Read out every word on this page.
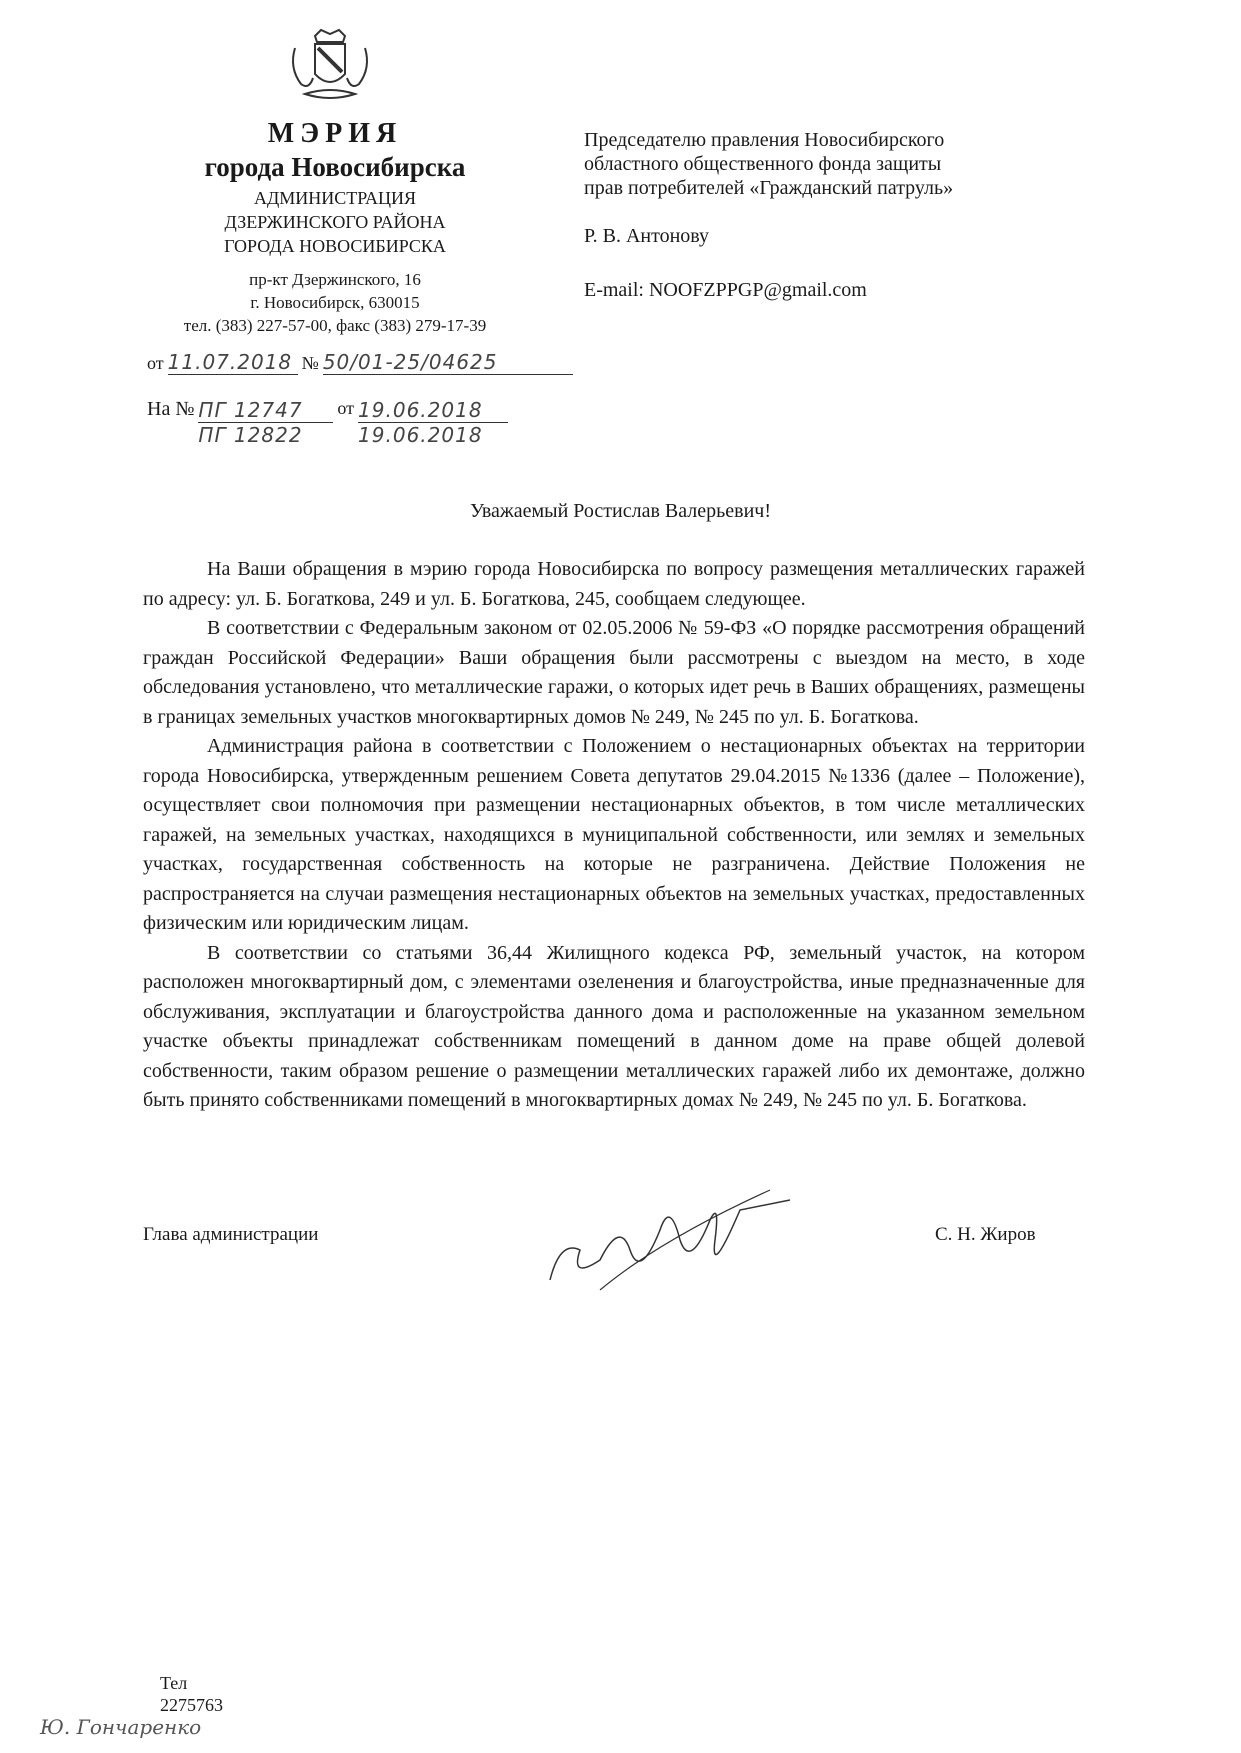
МЭРИЯ
города Новосибирска
АДМИНИСТРАЦИЯ
ДЗЕРЖИНСКОГО РАЙОНА
ГОРОДА НОВОСИБИРСКА
пр-кт Дзержинского, 16
г. Новосибирск, 630015
тел. (383) 227-57-00, факс (383) 279-17-39
от 11.07.2018 № 50/01-25/04625
На № ПГ 12747
ПГ 12822
от $\frac{19.06.2018}{19.06.2018}$
Председателю правления Новосибирского
областного общественного фонда защиты
прав потребителей «Гражданский патруль»
Р. В. Антонову
E-mail: NOOFZPPGP@gmail.com
Уважаемый Ростислав Валерьевич!

На Ваши обращения в мэрию города Новосибирска по вопросу размещения металлических гаражей по адресу: ул. Б. Богаткова, 249 и ул. Б. Богаткова, 245, сообщаем следующее.

В соответствии с Федеральным законом от 02.05.2006 № 59-ФЗ «О порядке рассмотрения обращений граждан Российской Федерации» Ваши обращения были рассмотрены с выездом на место, в ходе обследования установлено, что металлические гаражи, о которых идет речь в Ваших обращениях, размещены в границах земельных участков многоквартирных домов № 249, № 245 по ул. Б. Богаткова.

Администрация района в соответствии с Положением о нестационарных объектах на территории города Новосибирска, утвержденным решением Совета депутатов 29.04.2015 №1336 (далее – Положение), осуществляет свои полномочия при размещении нестационарных объектов, в том числе металлических гаражей, на земельных участках, находящихся в муниципальной собственности, или землях и земельных участках, государственная собственность на которые не разграничена. Действие Положения не распространяется на случаи размещения нестационарных объектов на земельных участках, предоставленных физическим или юридическим лицам.

В соответствии со статьями 36,44 Жилищного кодекса РФ, земельный участок, на котором расположен многоквартирный дом, с элементами озеленения и благоустройства, иные предназначенные для обслуживания, эксплуатации и благоустройства данного дома и расположенные на указанном земельном участке объекты принадлежат собственникам помещений в данном доме на праве общей долевой собственности, таким образом решение о размещении металлических гаражей либо их демонтаже, должно быть принято собственниками помещений в многоквартирных домах № 249, № 245 по ул. Б. Богаткова.

Глава администрации	С. Н. Жиров
Тел
2275763
Ю. Гончаренко
